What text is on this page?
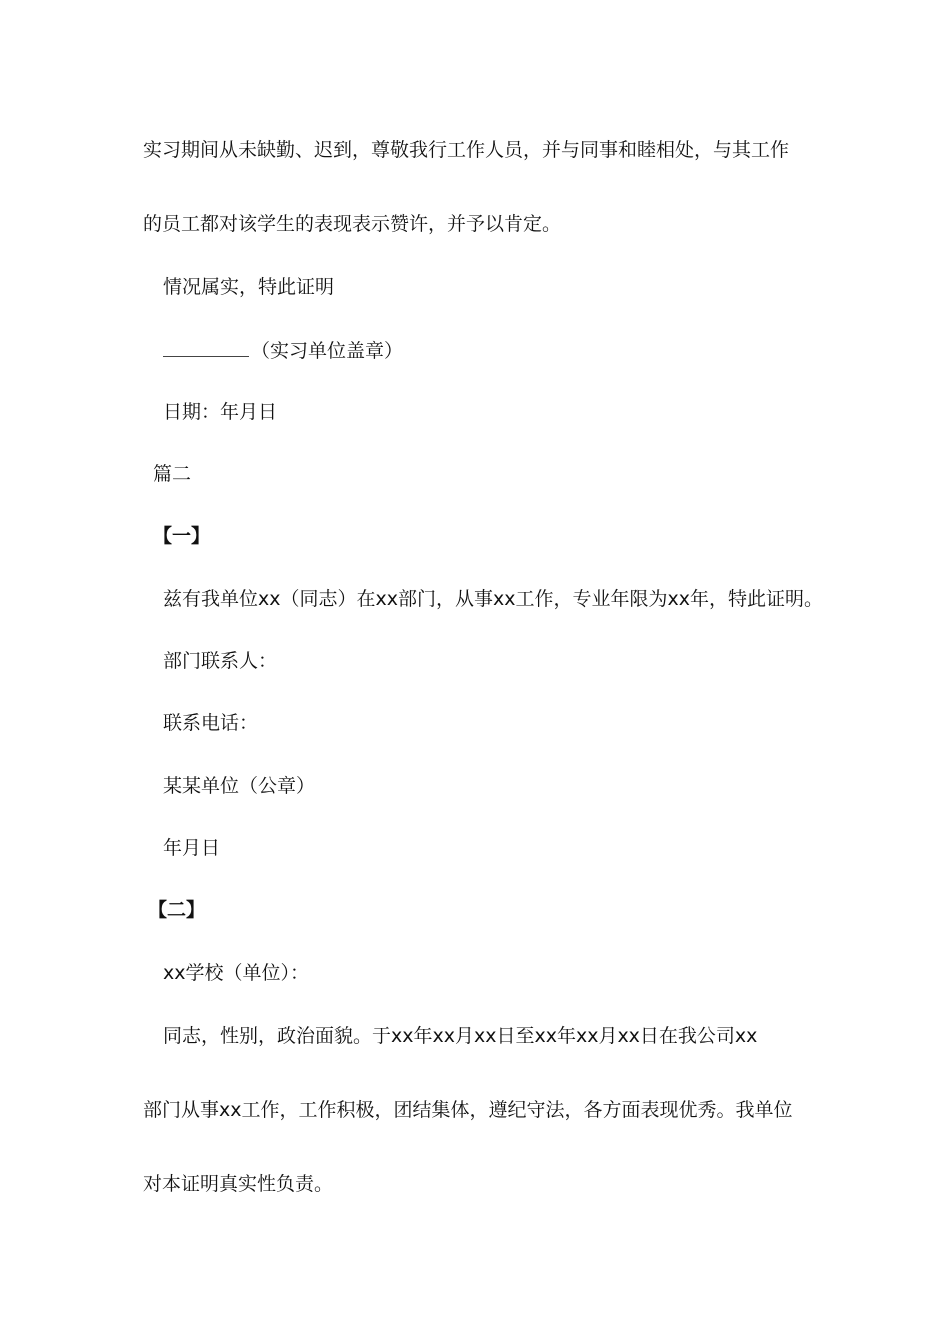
实习期间从未缺勤、迟到，尊敬我行工作人员，并与同事和睦相处，与其工作

的员工都对该学生的表现表示赞许，并予以肯定。

情况属实，特此证明

（实习单位盖章）

日期：年月日

篇二

【一】

兹有我单位xx（同志）在xx部门，从事xx工作，专业年限为xx年，特此证明。

部门联系人：

联系电话：

某某单位（公章）

年月日

【二】

xx学校（单位）：

同志，性别，政治面貌。于xx年xx月xx日至xx年xx月xx日在我公司xx

部门从事xx工作，工作积极，团结集体，遵纪守法，各方面表现优秀。我单位

对本证明真实性负责。
